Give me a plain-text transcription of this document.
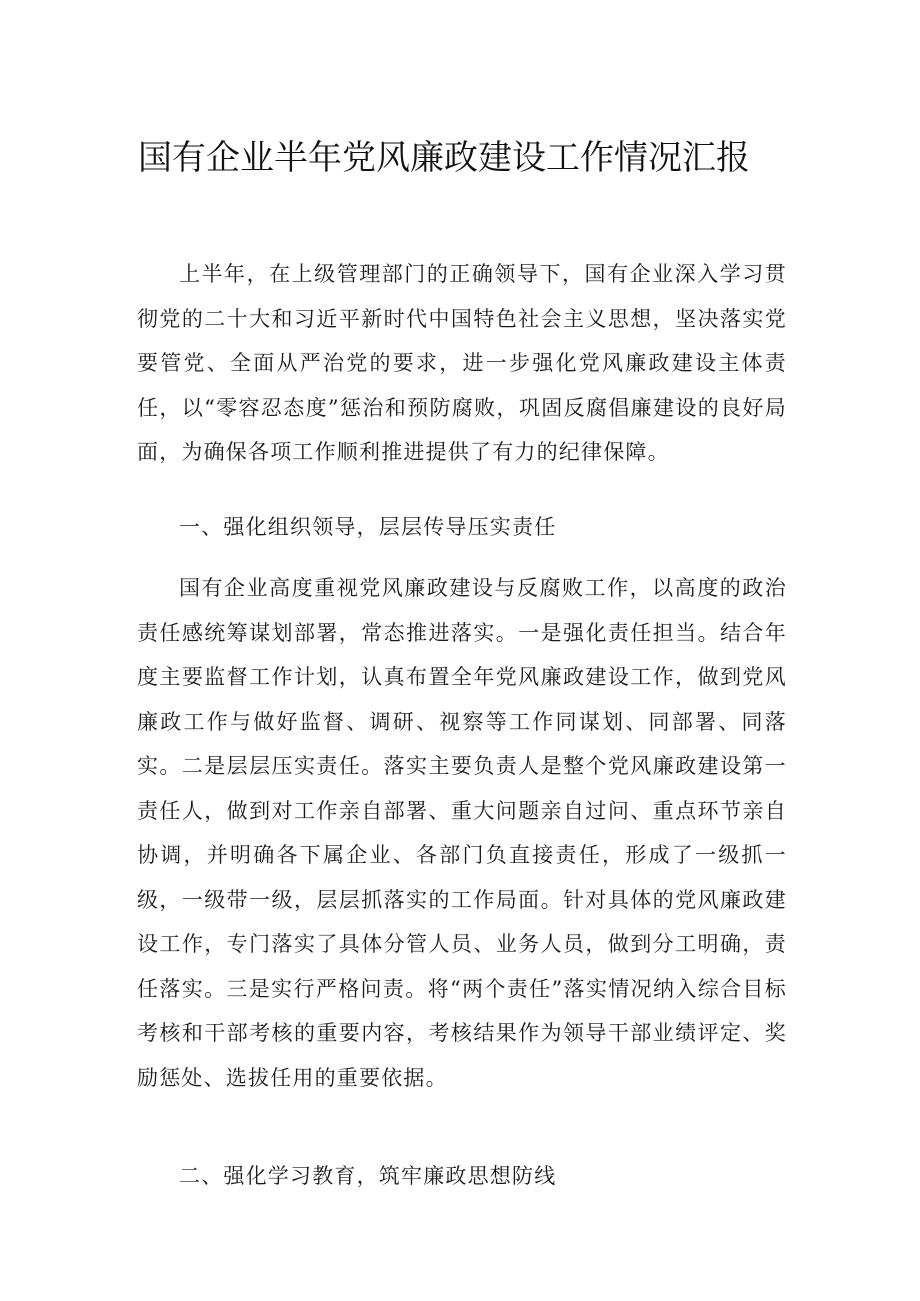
国有企业半年党风廉政建设工作情况汇报

上半年，在上级管理部门的正确领导下，国有企业深入学习贯彻党的二十大和习近平新时代中国特色社会主义思想，坚决落实党要管党、全面从严治党的要求，进一步强化党风廉政建设主体责任，以“零容忍态度”惩治和预防腐败，巩固反腐倡廉建设的良好局面，为确保各项工作顺利推进提供了有力的纪律保障。

一、强化组织领导，层层传导压实责任

国有企业高度重视党风廉政建设与反腐败工作，以高度的政治责任感统筹谋划部署，常态推进落实。一是强化责任担当。结合年度主要监督工作计划，认真布置全年党风廉政建设工作，做到党风廉政工作与做好监督、调研、视察等工作同谋划、同部署、同落实。二是层层压实责任。落实主要负责人是整个党风廉政建设第一责任人，做到对工作亲自部署、重大问题亲自过问、重点环节亲自协调，并明确各下属企业、各部门负直接责任，形成了一级抓一级，一级带一级，层层抓落实的工作局面。针对具体的党风廉政建设工作，专门落实了具体分管人员、业务人员，做到分工明确，责任落实。三是实行严格问责。将“两个责任”落实情况纳入综合目标考核和干部考核的重要内容，考核结果作为领导干部业绩评定、奖励惩处、选拔任用的重要依据。

二、强化学习教育，筑牢廉政思想防线
